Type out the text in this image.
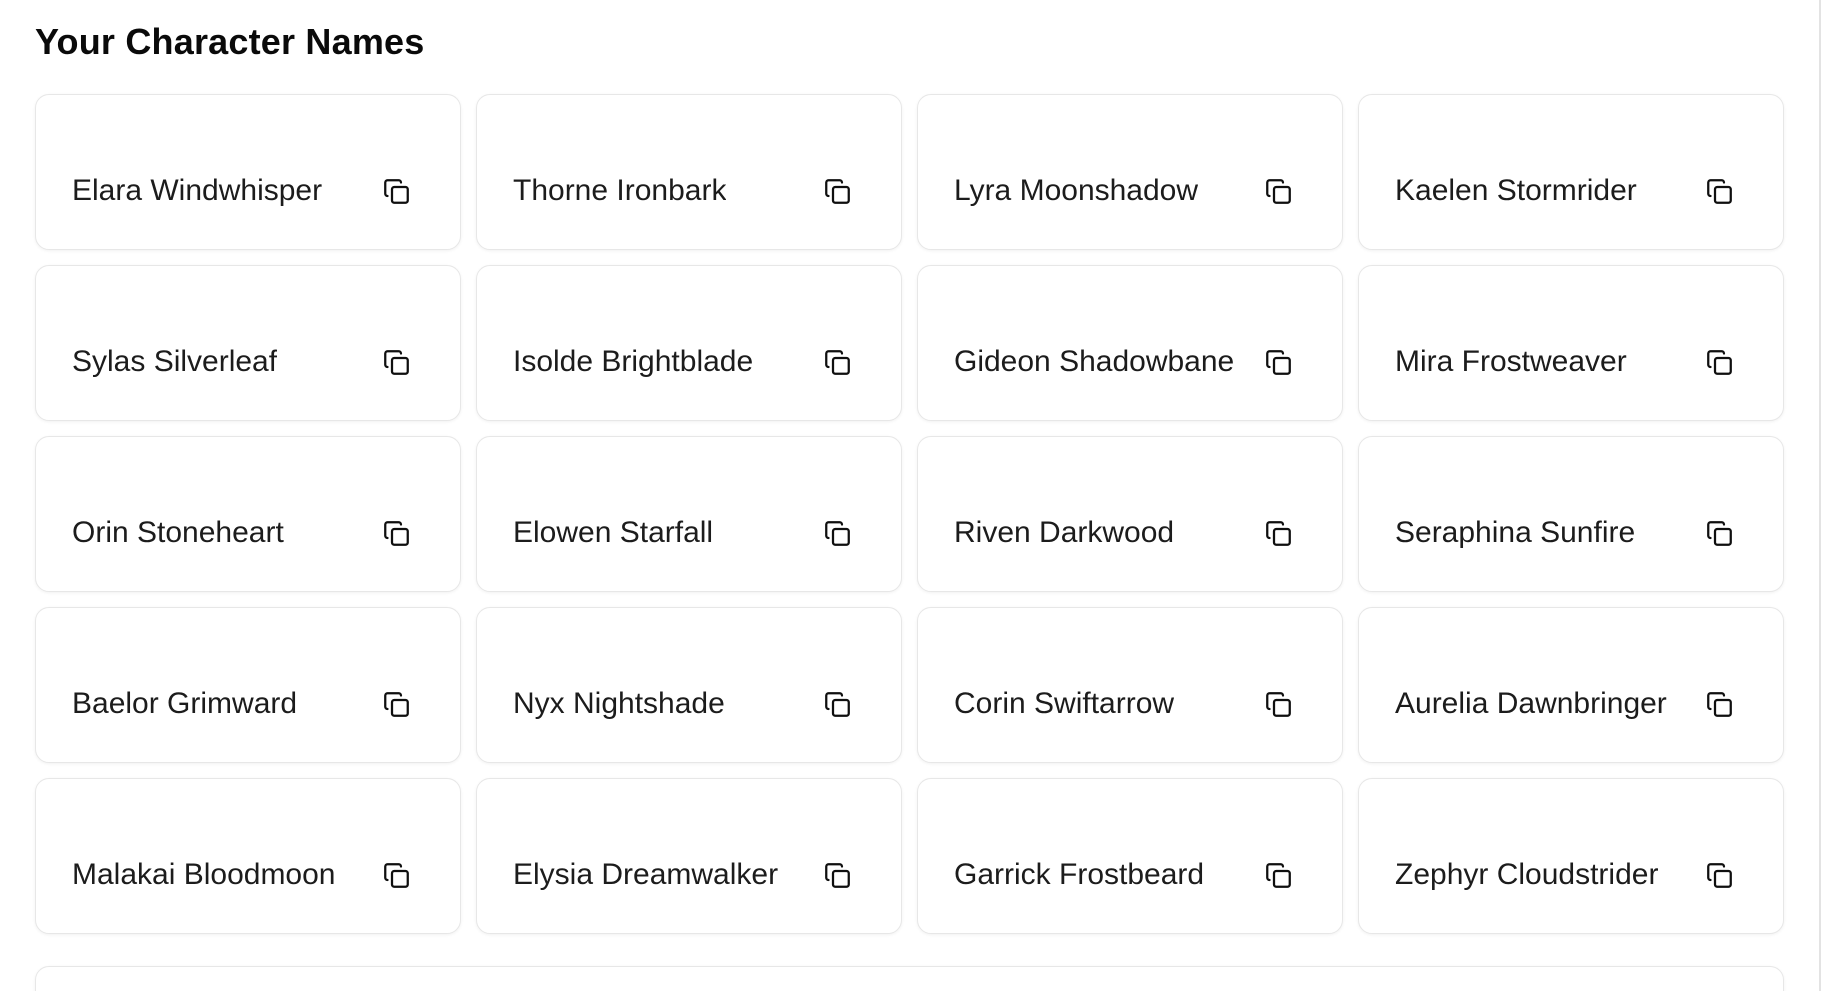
Your Character Names
Elara Windwhisper	Thorne Ironbark	Lyra Moonshadow	Kaelen Stormrider
Sylas Silverleaf	Isolde Brightblade	Gideon Shadowbane	Mira Frostweaver
Orin Stoneheart	Elowen Starfall	Riven Darkwood	Seraphina Sunfire
Baelor Grimward	Nyx Nightshade	Corin Swiftarrow	Aurelia Dawnbringer
Malakai Bloodmoon	Elysia Dreamwalker	Garrick Frostbeard	Zephyr Cloudstrider
